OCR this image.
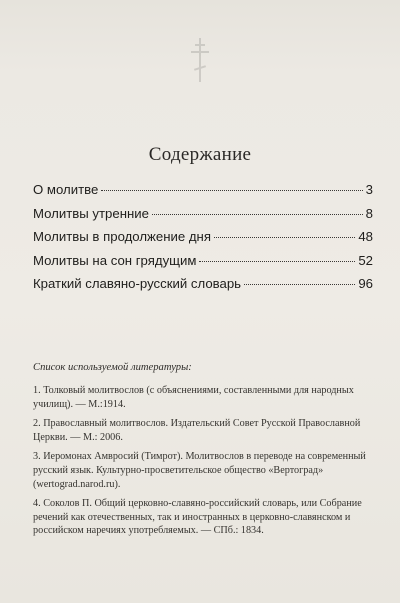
Содержание
О молитве	3
Молитвы утренние	8
Молитвы в продолжение дня	48
Молитвы на сон грядущим	52
Краткий славяно-русский словарь	96
Список используемой литературы:

1. Толковый молитвослов (с объяснениями, составленными для народных училищ). — М.:1914.

2. Православный молитвослов. Издательский Совет Русской Православной Церкви. — М.: 2006.

3. Иеромонах Амвросий (Тимрот). Молитвослов в переводе на современный русский язык. Культурно-просветительское общество «Вертоград» (wertograd.narod.ru).

4. Соколов П. Общий церковно-славяно-российский словарь, или Собрание речений как отечественных, так и иностранных в церковно-славянском и российском наречиях употребляемых. — СПб.: 1834.
